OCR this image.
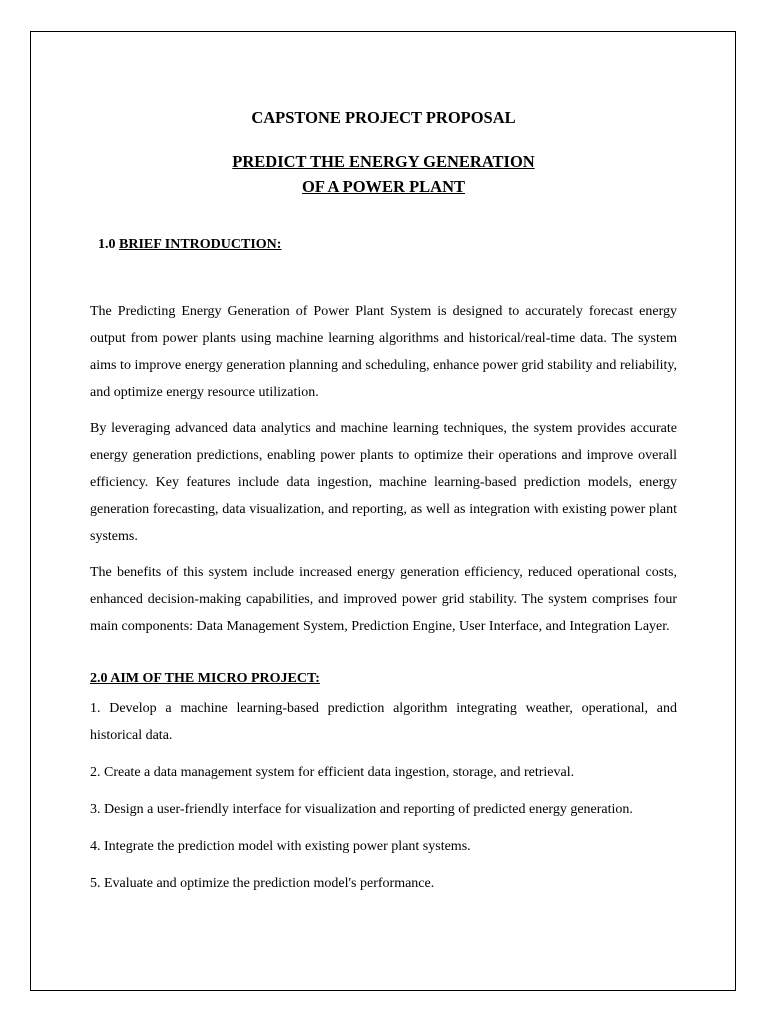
CAPSTONE PROJECT PROPOSAL

PREDICT THE ENERGY GENERATION
OF A POWER PLANT

1.0 BRIEF INTRODUCTION:

The Predicting Energy Generation of Power Plant System is designed to accurately forecast energy output from power plants using machine learning algorithms and historical/real-time data. The system aims to improve energy generation planning and scheduling, enhance power grid stability and reliability, and optimize energy resource utilization.

By leveraging advanced data analytics and machine learning techniques, the system provides accurate energy generation predictions, enabling power plants to optimize their operations and improve overall efficiency. Key features include data ingestion, machine learning-based prediction models, energy generation forecasting, data visualization, and reporting, as well as integration with existing power plant systems.

The benefits of this system include increased energy generation efficiency, reduced operational costs, enhanced decision-making capabilities, and improved power grid stability. The system comprises four main components: Data Management System, Prediction Engine, User Interface, and Integration Layer.

2.0 AIM OF THE MICRO PROJECT:

1. Develop a machine learning-based prediction algorithm integrating weather, operational, and historical data.
2. Create a data management system for efficient data ingestion, storage, and retrieval.
3. Design a user-friendly interface for visualization and reporting of predicted energy generation.
4. Integrate the prediction model with existing power plant systems.
5. Evaluate and optimize the prediction model's performance.
